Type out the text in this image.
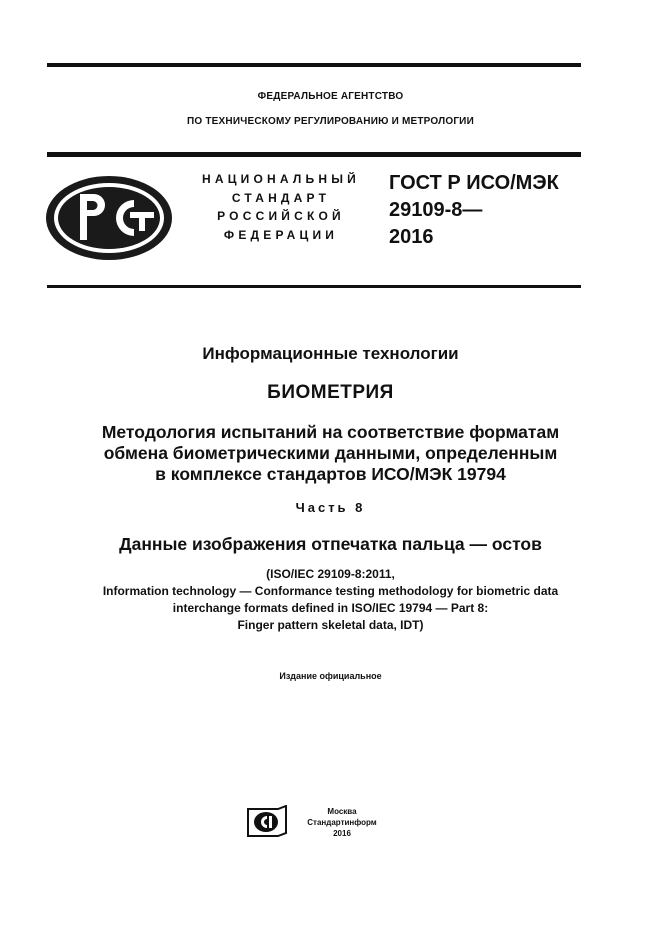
ФЕДЕРАЛЬНОЕ АГЕНТСТВО
ПО ТЕХНИЧЕСКОМУ РЕГУЛИРОВАНИЮ И МЕТРОЛОГИИ
НАЦИОНАЛЬНЫЙ
СТАНДАРТ
РОССИЙСКОЙ
ФЕДЕРАЦИИ
ГОСТ Р ИСО/МЭК
29109-8—
2016
Информационные технологии
БИОМЕТРИЯ
Методология испытаний на соответствие форматам
обмена биометрическими данными, определенным
в комплексе стандартов ИСО/МЭК 19794
Часть 8
Данные изображения отпечатка пальца — остов
(ISO/IEC 29109-8:2011,
Information technology — Conformance testing methodology for biometric data
interchange formats defined in ISO/IEC 19794 — Part 8:
Finger pattern skeletal data, IDT)
Издание официальное
Москва
Стандартинформ
2016
